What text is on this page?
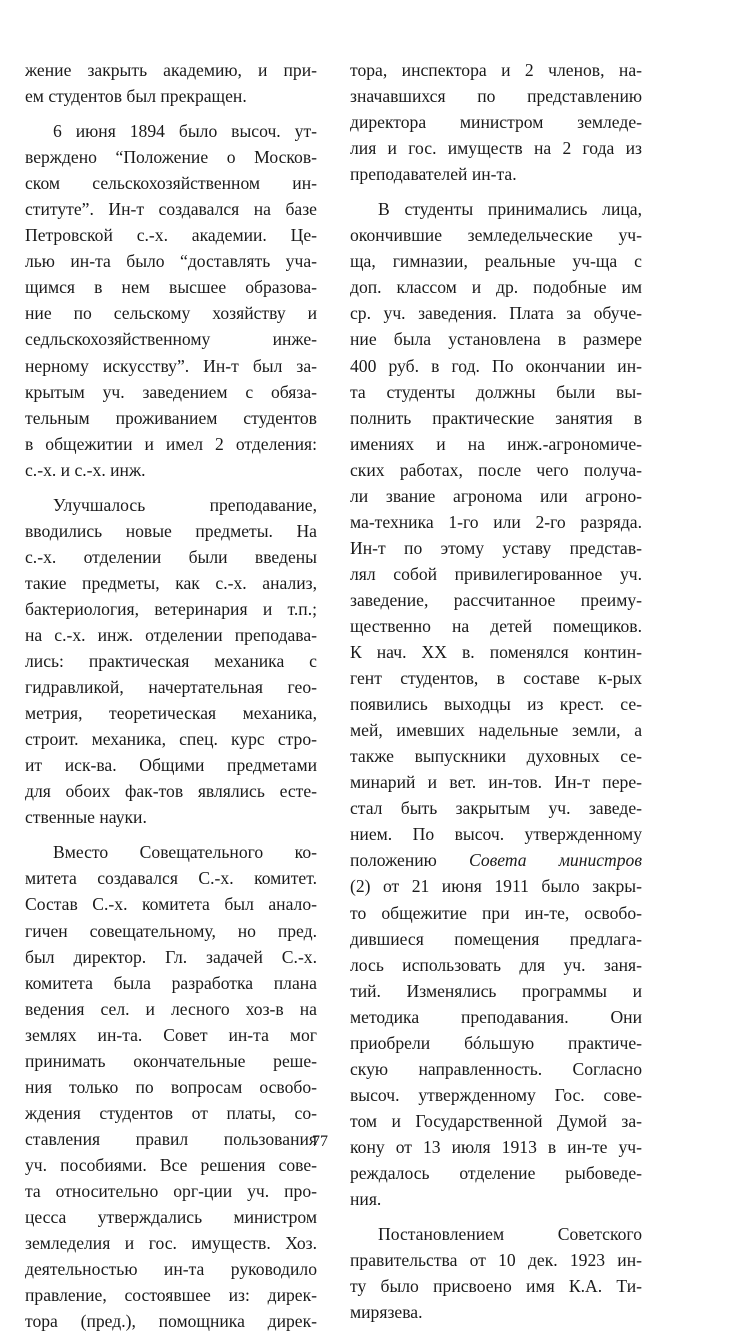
жение закрыть академию, и при-
ем студентов был прекращен.
6 июня 1894 было высоч. ут-
верждено “Положение о Москов-
ском сельскохозяйственном ин-
ституте”. Ин-т создавался на базе
Петровской с.-х. академии. Це-
лью ин-та было “доставлять уча-
щимся в нем высшее образова-
ние по сельскому хозяйству и
седльскохозяйственному инже-
нерному искусству”. Ин-т был за-
крытым уч. заведением с обяза-
тельным проживанием студентов
в общежитии и имел 2 отделения:
с.-х. и с.-х. инж.
Улучшалось преподавание,
вводились новые предметы. На
с.-х. отделении были введены
такие предметы, как с.-х. анализ,
бактериология, ветеринария и т.п.;
на с.-х. инж. отделении преподава-
лись: практическая механика с
гидравликой, начертательная гео-
метрия, теоретическая механика,
строит. механика, спец. курс стро-
ит иск-ва. Общими предметами
для обоих фак-тов являлись есте-
ственные науки.
Вместо Совещательного ко-
митета создавался С.-х. комитет.
Состав С.-х. комитета был анало-
гичен совещательному, но пред.
был директор. Гл. задачей С.-х.
комитета была разработка плана
ведения сел. и лесного хоз-в на
землях ин-та. Совет ин-та мог
принимать окончательные реше-
ния только по вопросам освобо-
ждения студентов от платы, со-
ставления правил пользования
уч. пособиями. Все решения сове-
та относительно орг-ции уч. про-
цесса утверждались министром
земледелия и гос. имуществ. Хоз.
деятельностью ин-та руководило
правление, состоявшее из: дирек-
тора (пред.), помощника дирек-
тора, инспектора и 2 членов, на-
значавшихся по представлению
директора министром земледе-
лия и гос. имуществ на 2 года из
преподавателей ин-та.
В студенты принимались лица,
окончившие земледельческие уч-
ща, гимназии, реальные уч-ща с
доп. классом и др. подобные им
ср. уч. заведения. Плата за обуче-
ние была установлена в размере
400 руб. в год. По окончании ин-
та студенты должны были вы-
полнить практические занятия в
имениях и на инж.-агрономиче-
ских работах, после чего получа-
ли звание агронома или агроно-
ма-техника 1-го или 2-го разряда.
Ин-т по этому уставу представ-
лял собой привилегированное уч.
заведение, рассчитанное преиму-
щественно на детей помещиков.
К нач. XX в. поменялся контин-
гент студентов, в составе к-рых
появились выходцы из крест. се-
мей, имевших надельные земли, а
также выпускники духовных се-
минарий и вет. ин-тов. Ин-т пере-
стал быть закрытым уч. заведе-
нием. По высоч. утвержденному
положению Совета министров
(2) от 21 июня 1911 было закры-
то общежитие при ин-те, освобо-
дившиеся помещения предлага-
лось использовать для уч. заня-
тий. Изменялись программы и
методика преподавания. Они
приобрели бóльшую практиче-
скую направленность. Согласно
высоч. утвержденному Гос. сове-
том и Государственной Думой за-
кону от 13 июля 1913 в ин-те уч-
реждалось отделение рыбоведе-
ния.
Постановлением Советского
правительства от 10 дек. 1923 ин-
ту было присвоено имя К.А. Ти-
мирязева.
77
